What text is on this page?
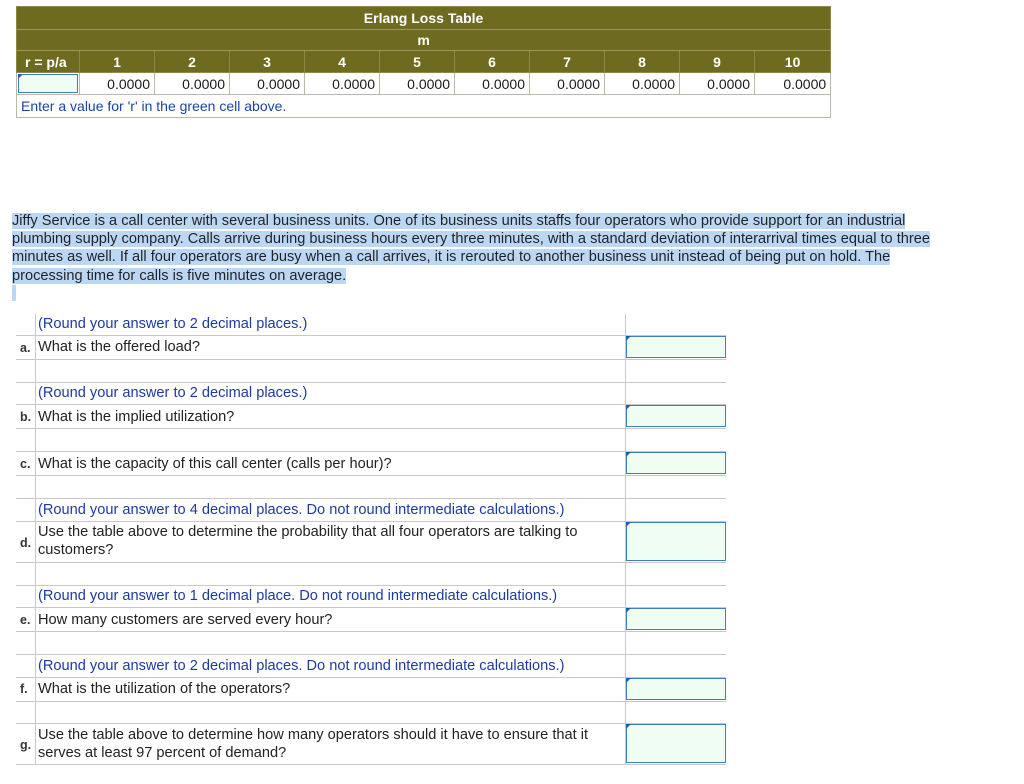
Erlang Loss Table										
m										
r = p/a	1	2	3	4	5	6	7	8	9	10

	0.0000	0.0000	0.0000	0.0000	0.0000	0.0000	0.0000	0.0000	0.0000	0.0000
Enter a value for 'r' in the green cell above.										
Jiffy Service is a call center with several business units. One of its business units staffs four operators who provide support for an industrial plumbing supply company. Calls arrive during business hours every three minutes, with a standard deviation of interarrival times equal to three minutes as well. If all four operators are busy when a call arrives, it is rerouted to another business unit instead of being put on hold. The processing time for calls is five minutes on average.
(Round your answer to 2 decimal places.)
a. What is the offered load?
(Round your answer to 2 decimal places.)
b. What is the implied utilization?
c. What is the capacity of this call center (calls per hour)?
(Round your answer to 4 decimal places. Do not round intermediate calculations.)
d.
Use the table above to determine the probability that all four operators are talking to customers?
(Round your answer to 1 decimal place. Do not round intermediate calculations.)
e. How many customers are served every hour?
(Round your answer to 2 decimal places. Do not round intermediate calculations.)
f. What is the utilization of the operators?
g.
Use the table above to determine how many operators should it have to ensure that it serves at least 97 percent of demand?
